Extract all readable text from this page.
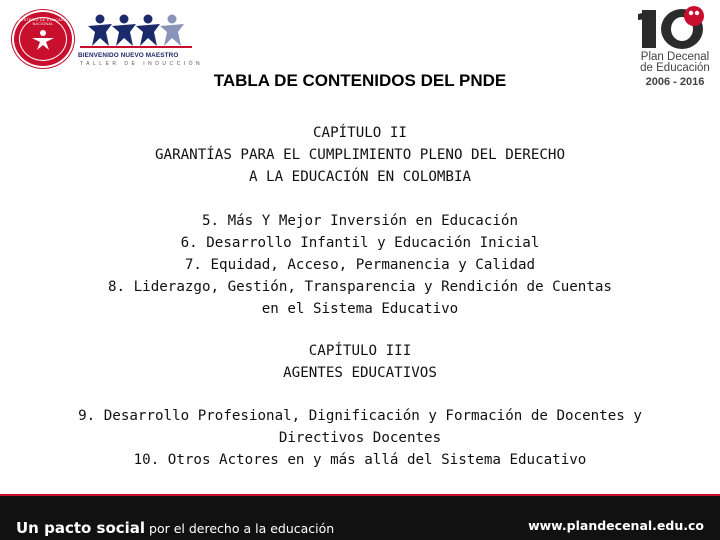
MINISTERIO DE EDUCACIÓN NACIONAL
BIENVENIDO NUEVO MAESTRO
TALLER DE INDUCCIÓN
Plan Decenal
de Educación
2006 - 2016
TABLA DE CONTENIDOS DEL PNDE
CAPÍTULO II
GARANTÍAS PARA EL CUMPLIMIENTO PLENO DEL DERECHO
A LA EDUCACIÓN EN COLOMBIA
5. Más Y Mejor Inversión en Educación
6. Desarrollo Infantil y Educación Inicial
7. Equidad, Acceso, Permanencia y Calidad
8. Liderazgo, Gestión, Transparencia y Rendición de Cuentas
en el Sistema Educativo
CAPÍTULO III
AGENTES EDUCATIVOS
9. Desarrollo Profesional, Dignificación y Formación de Docentes y
Directivos Docentes
10. Otros Actores en y más allá del Sistema Educativo
Un pacto social por el derecho a la educación	www.plandecenal.edu.co
